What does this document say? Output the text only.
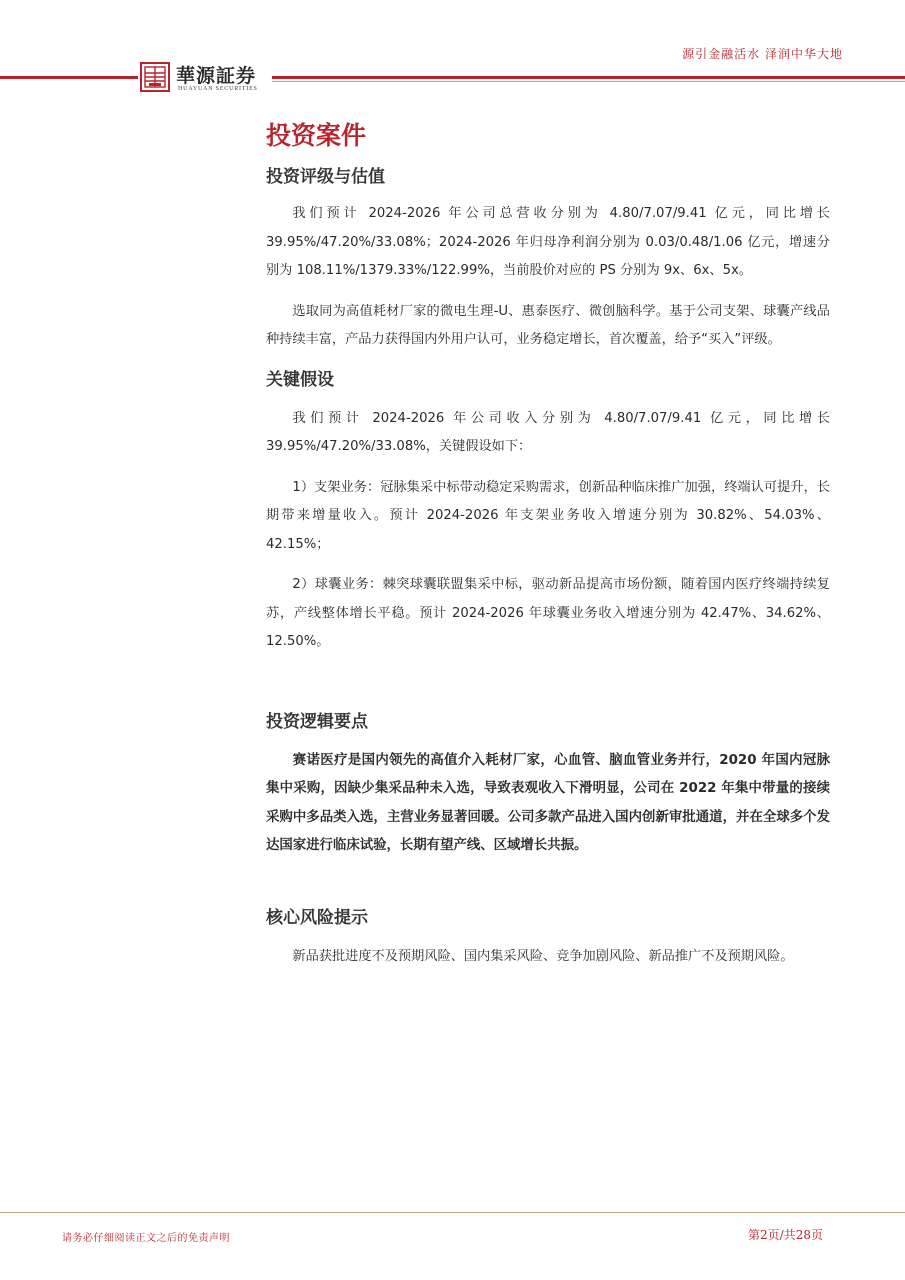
源引金融活水 泽润中华大地
華源証券
HUAYUAN SECURITIES
投资案件
投资评级与估值

我们预计 2024-2026 年公司总营收分别为 4.80/7.07/9.41 亿元，同比增长 39.95%/47.20%/33.08%；2024-2026 年归母净利润分别为 0.03/0.48/1.06 亿元，增速分别为 108.11%/1379.33%/122.99%，当前股价对应的 PS 分别为 9x、6x、5x。

选取同为高值耗材厂家的微电生理-U、惠泰医疗、微创脑科学。基于公司支架、球囊产线品种持续丰富，产品力获得国内外用户认可，业务稳定增长，首次覆盖，给予“买入”评级。

关键假设

我们预计 2024-2026 年公司收入分别为 4.80/7.07/9.41 亿元，同比增长 39.95%/47.20%/33.08%，关键假设如下：

1）支架业务：冠脉集采中标带动稳定采购需求，创新品种临床推广加强，终端认可提升，长期带来增量收入。预计 2024-2026 年支架业务收入增速分别为 30.82%、54.03%、42.15%；

2）球囊业务：棘突球囊联盟集采中标，驱动新品提高市场份额，随着国内医疗终端持续复苏，产线整体增长平稳。预计 2024-2026 年球囊业务收入增速分别为 42.47%、34.62%、12.50%。

投资逻辑要点

赛诺医疗是国内领先的高值介入耗材厂家，心血管、脑血管业务并行，2020 年国内冠脉集中采购，因缺少集采品种未入选，导致表观收入下滑明显，公司在 2022 年集中带量的接续采购中多品类入选，主营业务显著回暖。公司多款产品进入国内创新审批通道，并在全球多个发达国家进行临床试验，长期有望产线、区域增长共振。

核心风险提示

新品获批进度不及预期风险、国内集采风险、竞争加剧风险、新品推广不及预期风险。

请务必仔细阅读正文之后的免责声明	第2页/共28页
